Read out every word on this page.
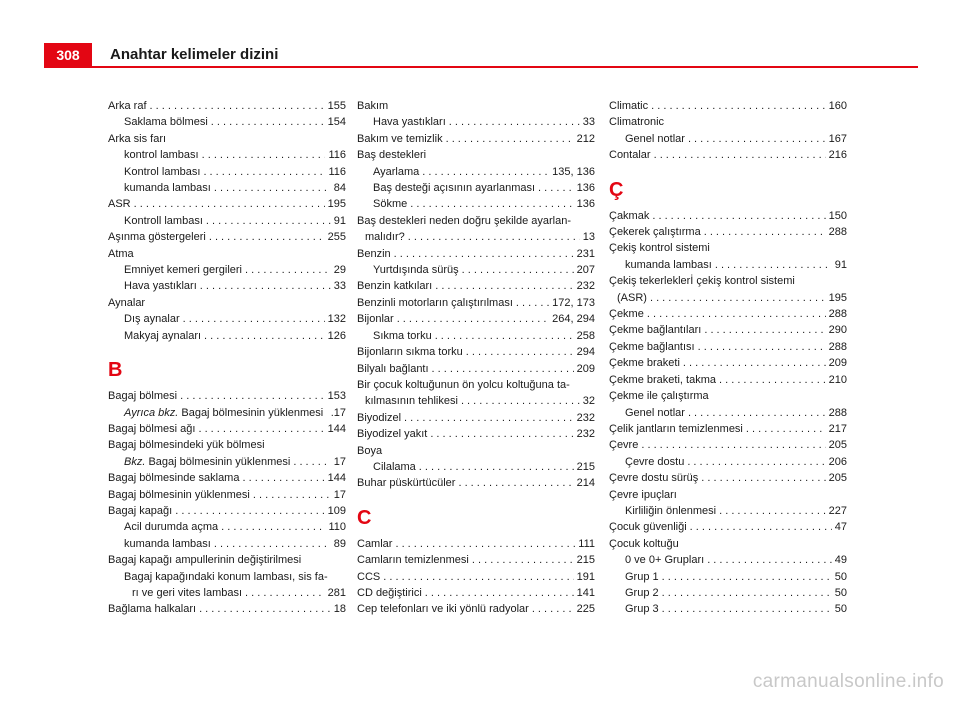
308	Anahtar kelimeler dizini
Arka raf . . .	155
Saklama bölmesi . . .	154
Arka sis farı
kontrol lambası . . .	116
Kontrol lambası . . .	116
kumanda lambası . . .	84
ASR . . .	195
Kontroll lambası . . .	91
Aşınma göstergeleri . . .	255
Atma
Emniyet kemeri gergileri . . .	29
Hava yastıkları . . .	33
Aynalar
Dış aynalar . . .	132
Makyaj aynaları . . .	126
B
Bagaj bölmesi . . .	153
Ayrıca bkz. Bagaj bölmesinin yüklenmesi .17
Bagaj bölmesi ağı . . .	144
Bagaj bölmesindeki yük bölmesi
Bkz. Bagaj bölmesinin yüklenmesi . . .	17
Bagaj bölmesinde saklama . . .	144
Bagaj bölmesinin yüklenmesi . . .	17
Bagaj kapağı . . .	109
Acil durumda açma . . .	110
kumanda lambası . . .	89
Bagaj kapağı ampullerinin değiştirilmesi
Bagaj kapağındaki konum lambası, sis fa-
rı ve geri vites lambası . . .	281
Bağlama halkaları . . .	18
Bakım
Hava yastıkları . . .	33
Bakım ve temizlik . . .	212
Baş destekleri
Ayarlama . . .	135, 136
Baş desteği açısının ayarlanması . . .	136
Sökme . . .	136
Baş destekleri neden doğru şekilde ayarlan-
malıdır? . . .	13
Benzin . . .	231
Yurtdışında sürüş . . .	207
Benzin katkıları . . .	232
Benzinli motorların çalıştırılması . . .	172, 173
Bijonlar . . .	264, 294
Sıkma torku . . .	258
Bijonların sıkma torku . . .	294
Bilyalı bağlantı . . .	209
Bir çocuk koltuğunun ön yolcu koltuğuna ta-
kılmasının tehlikesi . . .	32
Biyodizel . . .	232
Biyodizel yakıt . . .	232
Boya
Cilalama . . .	215
Buhar püskürtücüler . . .	214
C
Camlar . . .	111
Camların temizlenmesi . . .	215
CCS . . .	191
CD değiştirici . . .	141
Cep telefonları ve iki yönlü radyolar . . .	225
Climatic . . .	160
Climatronic
Genel notlar . . .	167
Contalar . . .	216
Ç
Çakmak . . .	150
Çekerek çalıştırma . . .	288
Çekiş kontrol sistemi
kumanda lambası . . .	91
Çekiş tekerleklerİ çekiş kontrol sistemi
(ASR) . . .	195
Çekme . . .	288
Çekme bağlantıları . . .	290
Çekme bağlantısı . . .	288
Çekme braketi . . .	209
Çekme braketi, takma . . .	210
Çekme ile çalıştırma
Genel notlar . . .	288
Çelik jantların temizlenmesi . . .	217
Çevre . . .	205
Çevre dostu . . .	206
Çevre dostu sürüş . . .	205
Çevre ipuçları
Kirliliğin önlenmesi . . .	227
Çocuk güvenliği . . .	47
Çocuk koltuğu
0 ve 0+ Grupları . . .	49
Grup 1 . . .	50
Grup 2 . . .	50
Grup 3 . . .	50
carmanualsonline.info
